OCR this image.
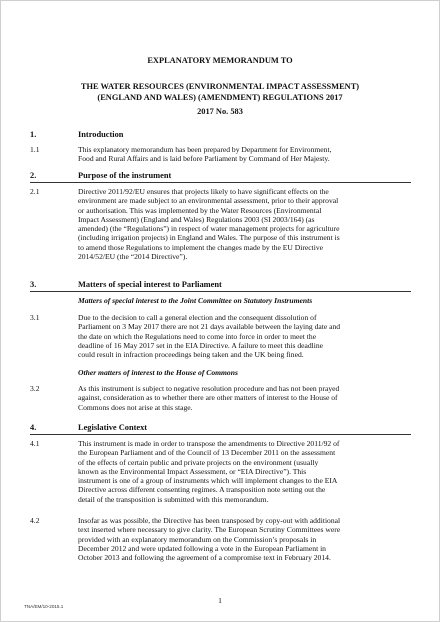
EXPLANATORY MEMORANDUM TO
THE WATER RESOURCES (ENVIRONMENTAL IMPACT ASSESSMENT)
(ENGLAND AND WALES) (AMENDMENT) REGULATIONS 2017
2017 No. 583
1.	Introduction
1.1	This explanatory memorandum has been prepared by Department for Environment,
Food and Rural Affairs and is laid before Parliament by Command of Her Majesty.
2.	Purpose of the instrument
2.1	Directive 2011/92/EU ensures that projects likely to have significant effects on the
environment are made subject to an environmental assessment, prior to their approval
or authorisation. This was implemented by the Water Resources (Environmental
Impact Assessment) (England and Wales) Regulations 2003 (SI 2003/164) (as
amended) (the “Regulations”) in respect of water management projects for agriculture
(including irrigation projects) in England and Wales. The purpose of this instrument is
to amend those Regulations to implement the changes made by the EU Directive
2014/52/EU (the “2014 Directive”).
3.	Matters of special interest to Parliament
Matters of special interest to the Joint Committee on Statutory Instruments
3.1	Due to the decision to call a general election and the consequent dissolution of
Parliament on 3 May 2017 there are not 21 days available between the laying date and
the date on which the Regulations need to come into force in order to meet the
deadline of 16 May 2017 set in the EIA Directive. A failure to meet this deadline
could result in infraction proceedings being taken and the UK being fined.
Other matters of interest to the House of Commons
3.2	As this instrument is subject to negative resolution procedure and has not been prayed
against, consideration as to whether there are other matters of interest to the House of
Commons does not arise at this stage.
4.	Legislative Context
4.1	This instrument is made in order to transpose the amendments to Directive 2011/92 of
the European Parliament and of the Council of 13 December 2011 on the assessment
of the effects of certain public and private projects on the environment (usually
known as the Environmental Impact Assessment, or “EIA Directive”). This
instrument is one of a group of instruments which will implement changes to the EIA
Directive across different consenting regimes. A transposition note setting out the
detail of the transposition is submitted with this memorandum.
4.2	Insofar as was possible, the Directive has been transposed by copy-out with additional
text inserted where necessary to give clarity. The European Scrutiny Committees were
provided with an explanatory memorandum on the Commission’s proposals in
December 2012 and were updated following a vote in the European Parliament in
October 2013 and following the agreement of a compromise text in February 2014.
1
TNA/EM/10-2015.1
